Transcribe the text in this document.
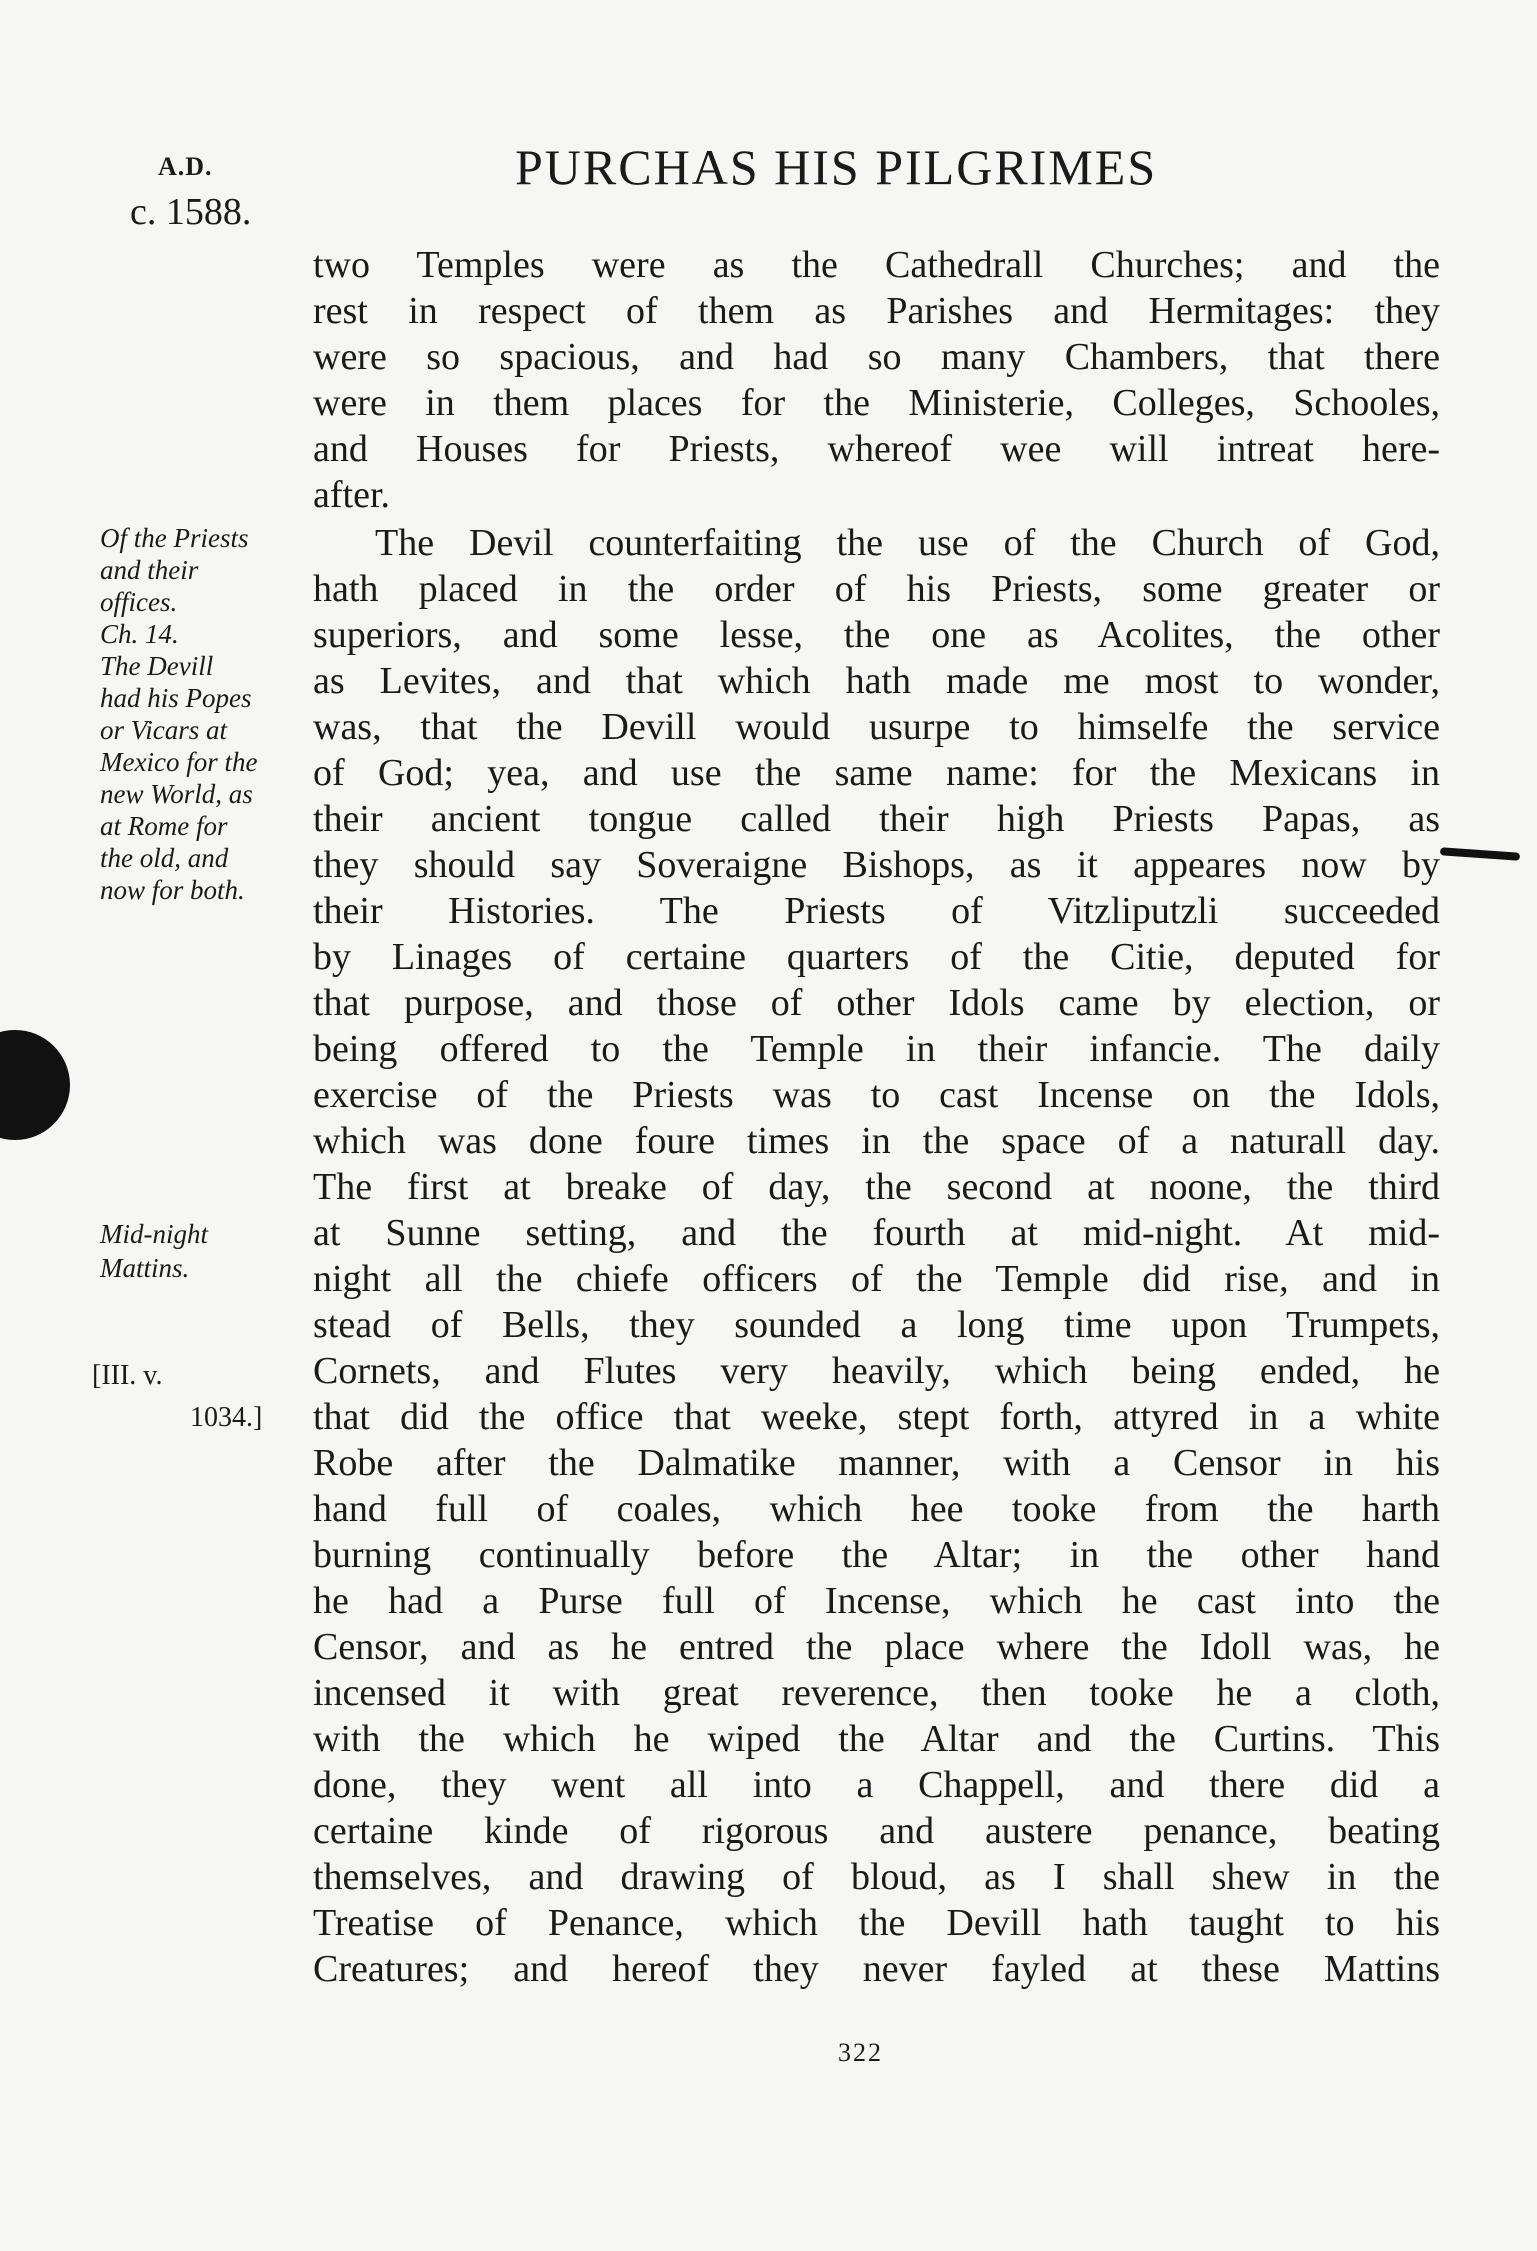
A.D.
c. 1588.
PURCHAS HIS PILGRIMES
two Temples were as the Cathedrall Churches; and the
rest in respect of them as Parishes and Hermitages: they
were so spacious, and had so many Chambers, that there
were in them places for the Ministerie, Colleges, Schooles,
and Houses for Priests, whereof wee will intreat here-
after.
The Devil counterfaiting the use of the Church of God,
hath placed in the order of his Priests, some greater or
superiors, and some lesse, the one as Acolites, the other
as Levites, and that which hath made me most to wonder,
was, that the Devill would usurpe to himselfe the service
of God; yea, and use the same name: for the Mexicans in
their ancient tongue called their high Priests Papas, as
they should say Soveraigne Bishops, as it appeares now by
their Histories. The Priests of Vitzliputzli succeeded
by Linages of certaine quarters of the Citie, deputed for
that purpose, and those of other Idols came by election, or
being offered to the Temple in their infancie. The daily
exercise of the Priests was to cast Incense on the Idols,
which was done foure times in the space of a naturall day.
The first at breake of day, the second at noone, the third
at Sunne setting, and the fourth at mid-night. At mid-
night all the chiefe officers of the Temple did rise, and in
stead of Bells, they sounded a long time upon Trumpets,
Cornets, and Flutes very heavily, which being ended, he
that did the office that weeke, stept forth, attyred in a white
Robe after the Dalmatike manner, with a Censor in his
hand full of coales, which hee tooke from the harth
burning continually before the Altar; in the other hand
he had a Purse full of Incense, which he cast into the
Censor, and as he entred the place where the Idoll was, he
incensed it with great reverence, then tooke he a cloth,
with the which he wiped the Altar and the Curtins. This
done, they went all into a Chappell, and there did a
certaine kinde of rigorous and austere penance, beating
themselves, and drawing of bloud, as I shall shew in the
Treatise of Penance, which the Devill hath taught to his
Creatures; and hereof they never fayled at these Mattins
Of the Priests
and their
offices.
Ch. 14.
The Devill
had his Popes
or Vicars at
Mexico for the
new World, as
at Rome for
the old, and
now for both.
Mid-night
Mattins.
[III. v.
1034.]
322
